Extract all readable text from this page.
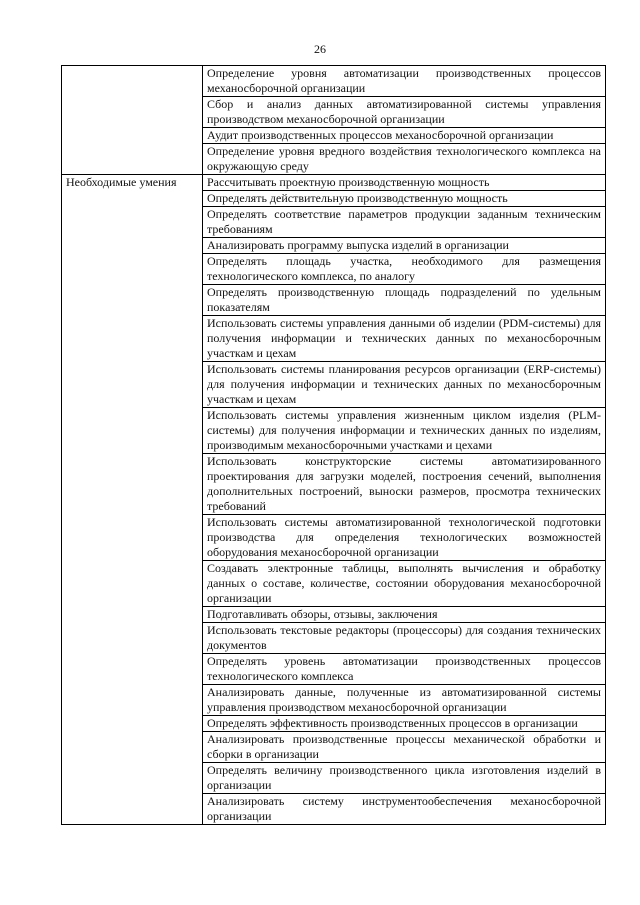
26
	Определение уровня автоматизации производственных процессов механосборочной организации
	Сбор и анализ данных автоматизированной системы управления производством механосборочной организации
	Аудит производственных процессов механосборочной организации
	Определение уровня вредного воздействия технологического комплекса на окружающую среду
Необходимые умения	Рассчитывать проектную производственную мощность
	Определять действительную производственную мощность
	Определять соответствие параметров продукции заданным техническим требованиям
	Анализировать программу выпуска изделий в организации
	Определять площадь участка, необходимого для размещения технологического комплекса, по аналогу
	Определять производственную площадь подразделений по удельным показателям
	Использовать системы управления данными об изделии (PDM-системы) для получения информации и технических данных по механосборочным участкам и цехам
	Использовать системы планирования ресурсов организации (ERP-системы) для получения информации и технических данных по механосборочным участкам и цехам
	Использовать системы управления жизненным циклом изделия (PLM-системы) для получения информации и технических данных по изделиям, производимым механосборочными участками и цехами
	Использовать конструкторские системы автоматизированного проектирования для загрузки моделей, построения сечений, выполнения дополнительных построений, выноски размеров, просмотра технических требований
	Использовать системы автоматизированной технологической подготовки производства для определения технологических возможностей оборудования механосборочной организации
	Создавать электронные таблицы, выполнять вычисления и обработку данных о составе, количестве, состоянии оборудования механосборочной организации
	Подготавливать обзоры, отзывы, заключения
	Использовать текстовые редакторы (процессоры) для создания технических документов
	Определять уровень автоматизации производственных процессов технологического комплекса
	Анализировать данные, полученные из автоматизированной системы управления производством механосборочной организации
	Определять эффективность производственных процессов в организации
	Анализировать производственные процессы механической обработки и сборки в организации
	Определять величину производственного цикла изготовления изделий в организации
	Анализировать систему инструментообеспечения механосборочной организации
